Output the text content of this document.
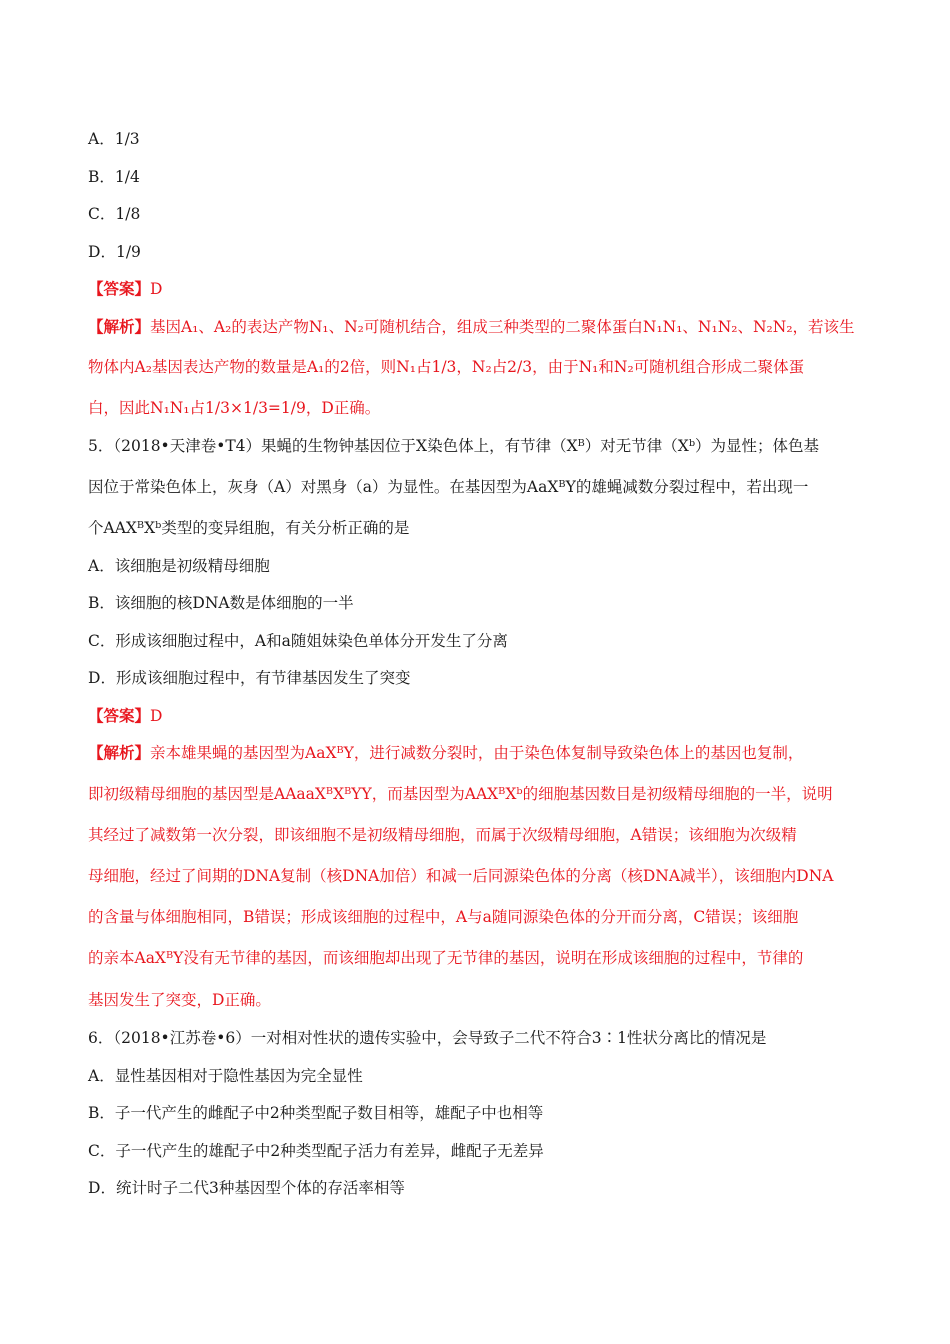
A．1/3
B．1/4
C．1/8
D．1/9
【答案】D
【解析】基因A₁、A₂的表达产物N₁、N₂可随机结合，组成三种类型的二聚体蛋白N₁N₁、N₁N₂、N₂N₂，若该生
物体内A₂基因表达产物的数量是A₁的2倍，则N₁占1/3，N₂占2/3，由于N₁和N₂可随机组合形成二聚体蛋
白，因此N₁N₁占1/3×1/3=1/9，D正确。
5．（2018•天津卷•T4）果蝇的生物钟基因位于X染色体上，有节律（Xᴮ）对无节律（Xᵇ）为显性；体色基
因位于常染色体上，灰身（A）对黑身（a）为显性。在基因型为AaXᴮY的雄蝇减数分裂过程中，若出现一
个AAXᴮXᵇ类型的变异组胞，有关分析正确的是
A．该细胞是初级精母细胞
B．该细胞的核DNA数是体细胞的一半
C．形成该细胞过程中，A和a随姐妹染色单体分开发生了分离
D．形成该细胞过程中，有节律基因发生了突变
【答案】D
【解析】亲本雄果蝇的基因型为AaXᴮY，进行减数分裂时，由于染色体复制导致染色体上的基因也复制，
即初级精母细胞的基因型是AAaaXᴮXᴮYY，而基因型为AAXᴮXᵇ的细胞基因数目是初级精母细胞的一半，说明
其经过了减数第一次分裂，即该细胞不是初级精母细胞，而属于次级精母细胞，A错误；该细胞为次级精
母细胞，经过了间期的DNA复制（核DNA加倍）和减一后同源染色体的分离（核DNA减半），该细胞内DNA
的含量与体细胞相同，B错误；形成该细胞的过程中，A与a随同源染色体的分开而分离，C错误；该细胞
的亲本AaXᴮY没有无节律的基因，而该细胞却出现了无节律的基因，说明在形成该细胞的过程中，节律的
基因发生了突变，D正确。
6．（2018•江苏卷•6）一对相对性状的遗传实验中，会导致子二代不符合3∶1性状分离比的情况是
A．显性基因相对于隐性基因为完全显性
B．子一代产生的雌配子中2种类型配子数目相等，雄配子中也相等
C．子一代产生的雄配子中2种类型配子活力有差异，雌配子无差异
D．统计时子二代3种基因型个体的存活率相等
